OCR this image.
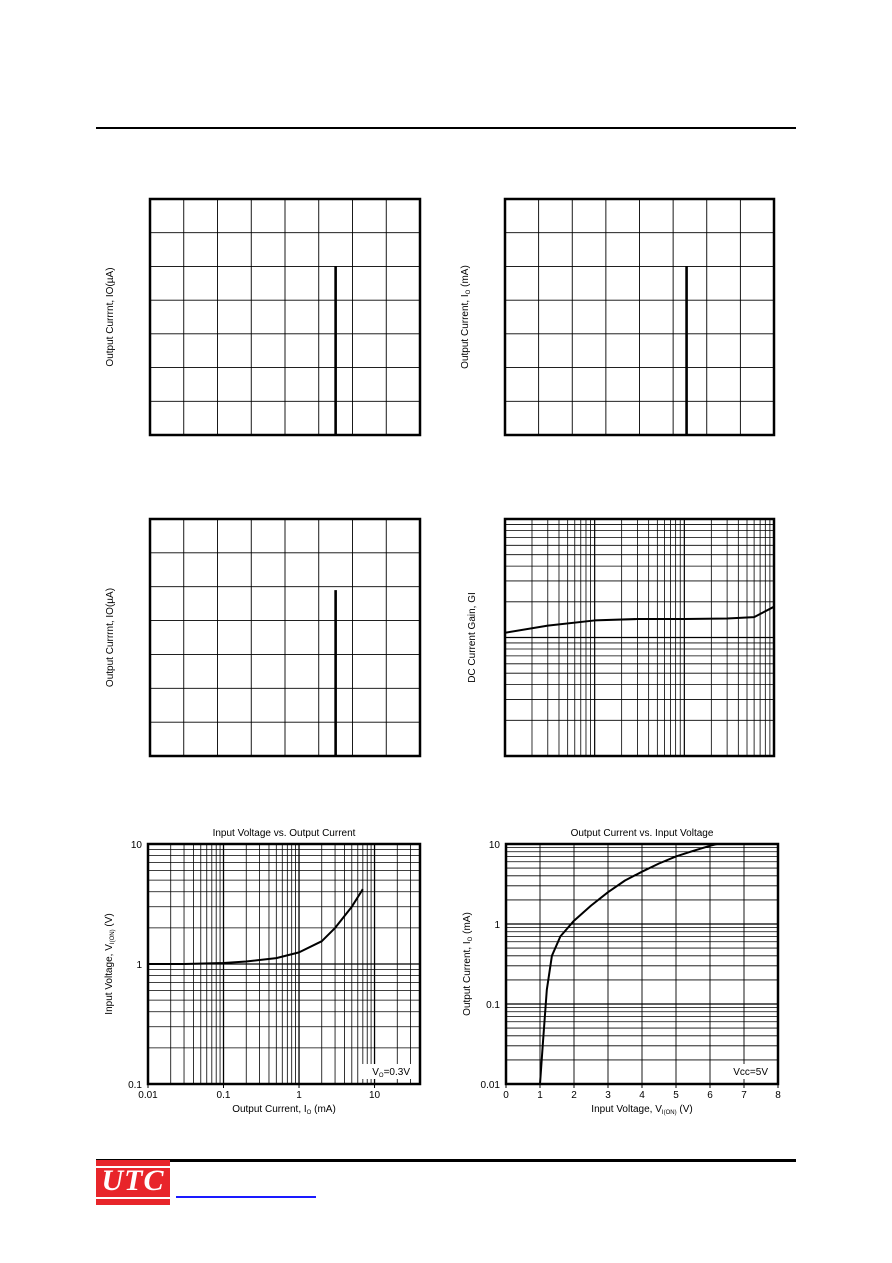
Output Currrnt, IO(µA)	Output Current, $I_O$ (mA)
Output Currrnt, IO(µA)	DC Current Gain, GI
0.01	0.1	1	10
0.1
1
10
Input Voltage vs. Output Current
Output Current, $I_O$ (mA)
Input Voltage, $V_{I(ON)}$ (V)
$V_O=0.3V$
0	1	2	3	4	5	6	7	8
0.01
0.1
1
10
Output Current vs. Input Voltage
Input Voltage, $V_{I(ON)}$ (V)
Output Current, $I_O$ (mA)
Vcc=5V
UTC
